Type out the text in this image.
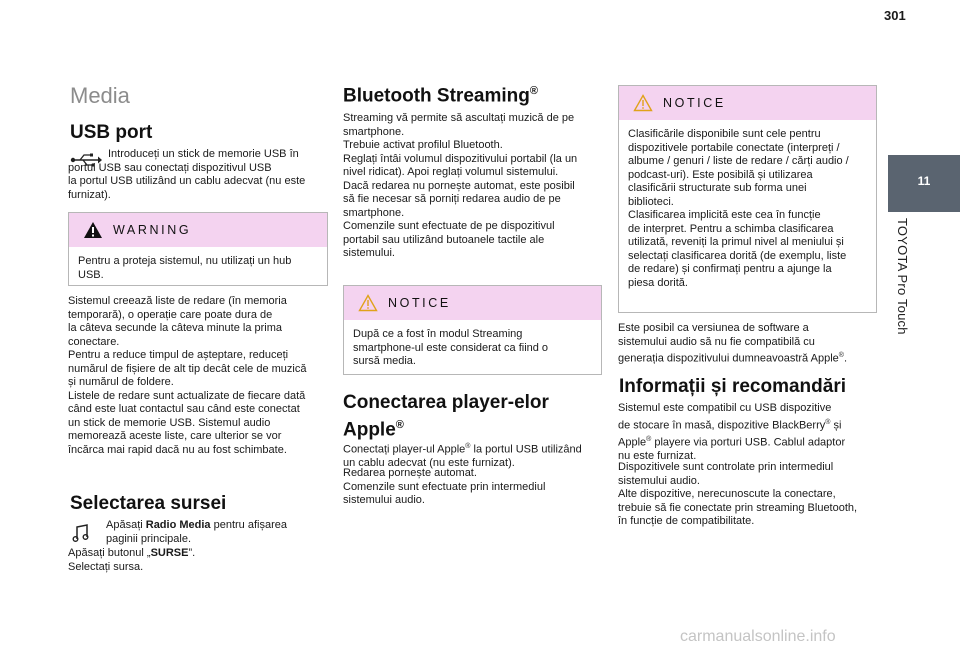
301
11
TOYOTA Pro Touch
Media
USB port

Introduceți un stick de memorie USB în
portul USB sau conectați dispozitivul USB
la portul USB utilizând un cablu adecvat (nu este
furnizat).

WARNING

Pentru a proteja sistemul, nu utilizați un hub
USB.

Sistemul creează liste de redare (în memoria
temporară), o operație care poate dura de
la câteva secunde la câteva minute la prima
conectare.
Pentru a reduce timpul de așteptare, reduceți
numărul de fișiere de alt tip decât cele de muzică
și numărul de foldere.
Listele de redare sunt actualizate de fiecare dată
când este luat contactul sau când este conectat
un stick de memorie USB. Sistemul audio
memorează aceste liste, care ulterior se vor
încărca mai rapid dacă nu au fost schimbate.

Selectarea sursei

Apăsați Radio Media pentru afișarea
paginii principale.

Apăsați butonul „SURSE”.

Selectați sursa.

Bluetooth Streaming®

Streaming vă permite să ascultați muzică de pe
smartphone.
Trebuie activat profilul Bluetooth.
Reglați întâi volumul dispozitivului portabil (la un
nivel ridicat). Apoi reglați volumul sistemului.
Dacă redarea nu pornește automat, este posibil
să fie necesar să porniți redarea audio de pe
smartphone.
Comenzile sunt efectuate de pe dispozitivul
portabil sau utilizând butoanele tactile ale
sistemului.

NOTICE

După ce a fost în modul Streaming
smartphone-ul este considerat ca fiind o
sursă media.

Conectarea player-elor
Apple®

Conectați player-ul Apple® la portul USB utilizând
un cablu adecvat (nu este furnizat).

Redarea pornește automat.
Comenzile sunt efectuate prin intermediul
sistemului audio.

NOTICE

Clasificările disponibile sunt cele pentru
dispozitivele portabile conectate (interpreți /
albume / genuri / liste de redare / cărți audio /
podcast-uri). Este posibilă și utilizarea
clasificării structurate sub forma unei
biblioteci.
Clasificarea implicită este cea în funcție
de interpret. Pentru a schimba clasificarea
utilizată, reveniți la primul nivel al meniului și
selectați clasificarea dorită (de exemplu, liste
de redare) și confirmați pentru a ajunge la
piesa dorită.

Este posibil ca versiunea de software a
sistemului audio să nu fie compatibilă cu
generația dispozitivului dumneavoastră Apple®.

Informații și recomandări

Sistemul este compatibil cu USB dispozitive
de stocare în masă, dispozitive BlackBerry® și
Apple® playere via porturi USB. Cablul adaptor
nu este furnizat.

Dispozitivele sunt controlate prin intermediul
sistemului audio.
Alte dispozitive, nerecunoscute la conectare,
trebuie să fie conectate prin streaming Bluetooth,
în funcție de compatibilitate.

carmanualsonline.info
